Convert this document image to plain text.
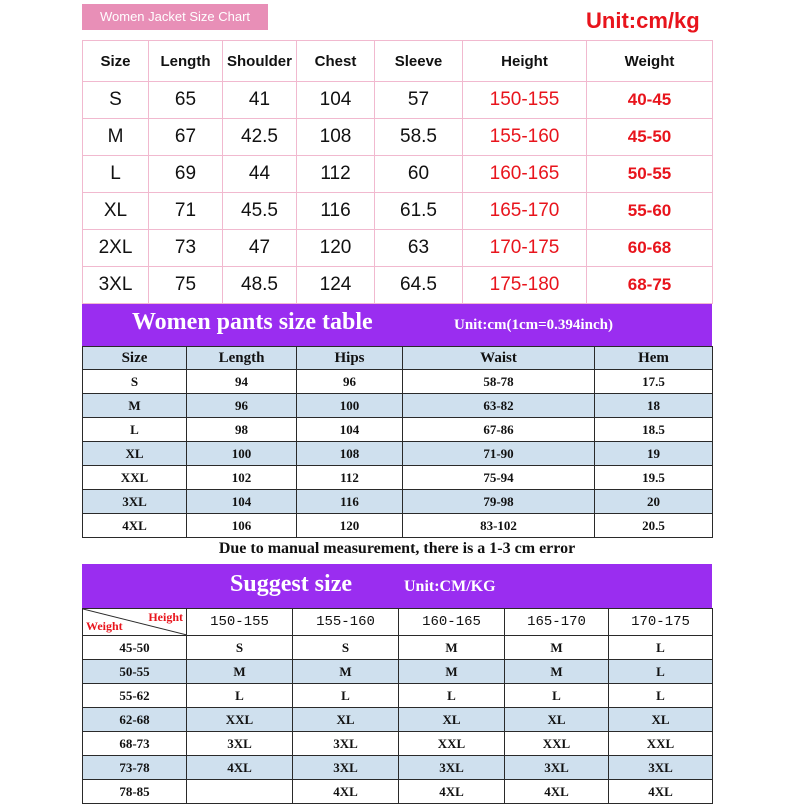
Women Jacket Size Chart	Unit:cm/kg
Size	Length	Shoulder	Chest	Sleeve	Height	Weight
S	65	41	104	57	150-155	40-45
M	67	42.5	108	58.5	155-160	45-50
L	69	44	112	60	160-165	50-55
XL	71	45.5	116	61.5	165-170	55-60
2XL	73	47	120	63	170-175	60-68
3XL	75	48.5	124	64.5	175-180	68-75
Women pants size table	Unit:cm(1cm=0.394inch)
Size	Length	Hips	Waist	Hem
S	94	96	58-78	17.5
M	96	100	63-82	18
L	98	104	67-86	18.5
XL	100	108	71-90	19
XXL	102	112	75-94	19.5
3XL	104	116	79-98	20
4XL	106	120	83-102	20.5
Due to manual measurement, there is a 1-3 cm error
Suggest size	Unit:CM/KG
Height
Weight	150-155	155-160	160-165	165-170	170-175
45-50	S	S	M	M	L
50-55	M	M	M	M	L
55-62	L	L	L	L	L
62-68	XXL	XL	XL	XL	XL
68-73	3XL	3XL	XXL	XXL	XXL
73-78	4XL	3XL	3XL	3XL	3XL
78-85		4XL	4XL	4XL	4XL
